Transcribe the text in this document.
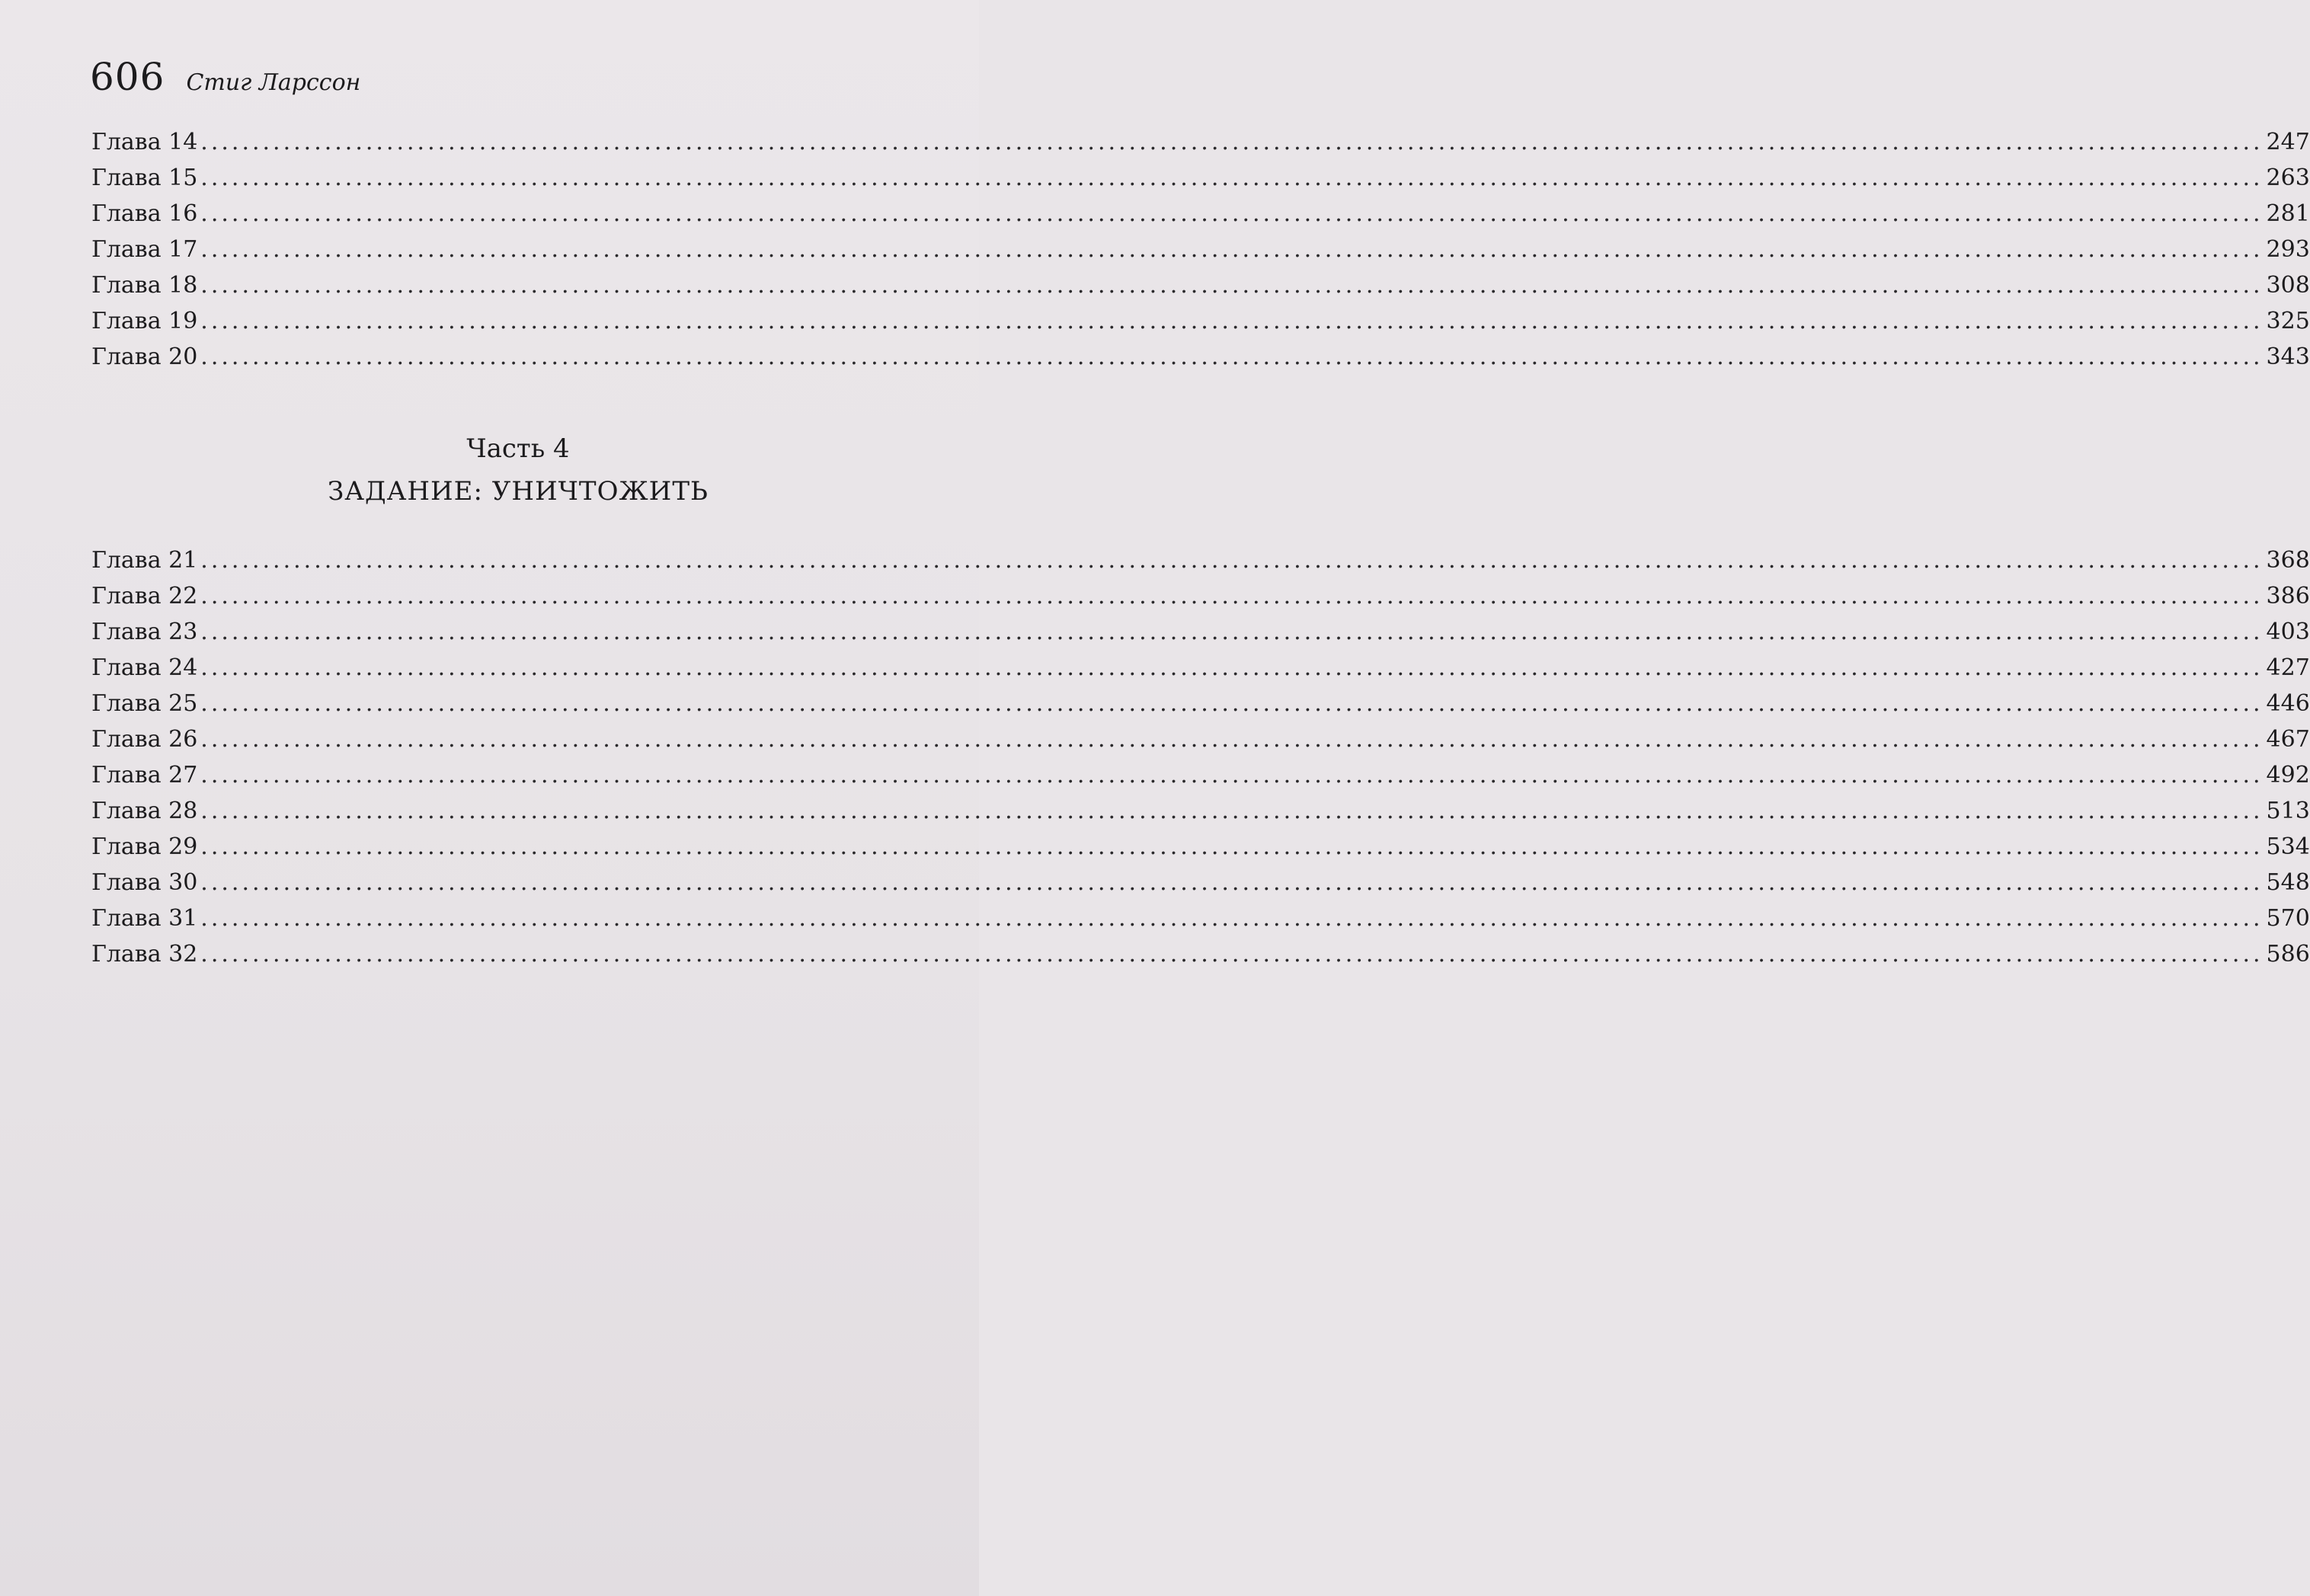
606 Стиг Ларссон
Глава 14 ........................................................................................................................................................................................................ 247
Глава 15 ........................................................................................................................................................................................................ 263
Глава 16 ........................................................................................................................................................................................................ 281
Глава 17 ........................................................................................................................................................................................................ 293
Глава 18 ........................................................................................................................................................................................................ 308
Глава 19 ........................................................................................................................................................................................................ 325
Глава 20 ........................................................................................................................................................................................................ 343
Часть 4
ЗАДАНИЕ: УНИЧТОЖИТЬ
Глава 21 ........................................................................................................................................................................................................ 368
Глава 22 ........................................................................................................................................................................................................ 386
Глава 23 ........................................................................................................................................................................................................ 403
Глава 24 ........................................................................................................................................................................................................ 427
Глава 25 ........................................................................................................................................................................................................ 446
Глава 26 ........................................................................................................................................................................................................ 467
Глава 27 ........................................................................................................................................................................................................ 492
Глава 28 ........................................................................................................................................................................................................ 513
Глава 29 ........................................................................................................................................................................................................ 534
Глава 30 ........................................................................................................................................................................................................ 548
Глава 31 ........................................................................................................................................................................................................ 570
Глава 32 ........................................................................................................................................................................................................ 586
